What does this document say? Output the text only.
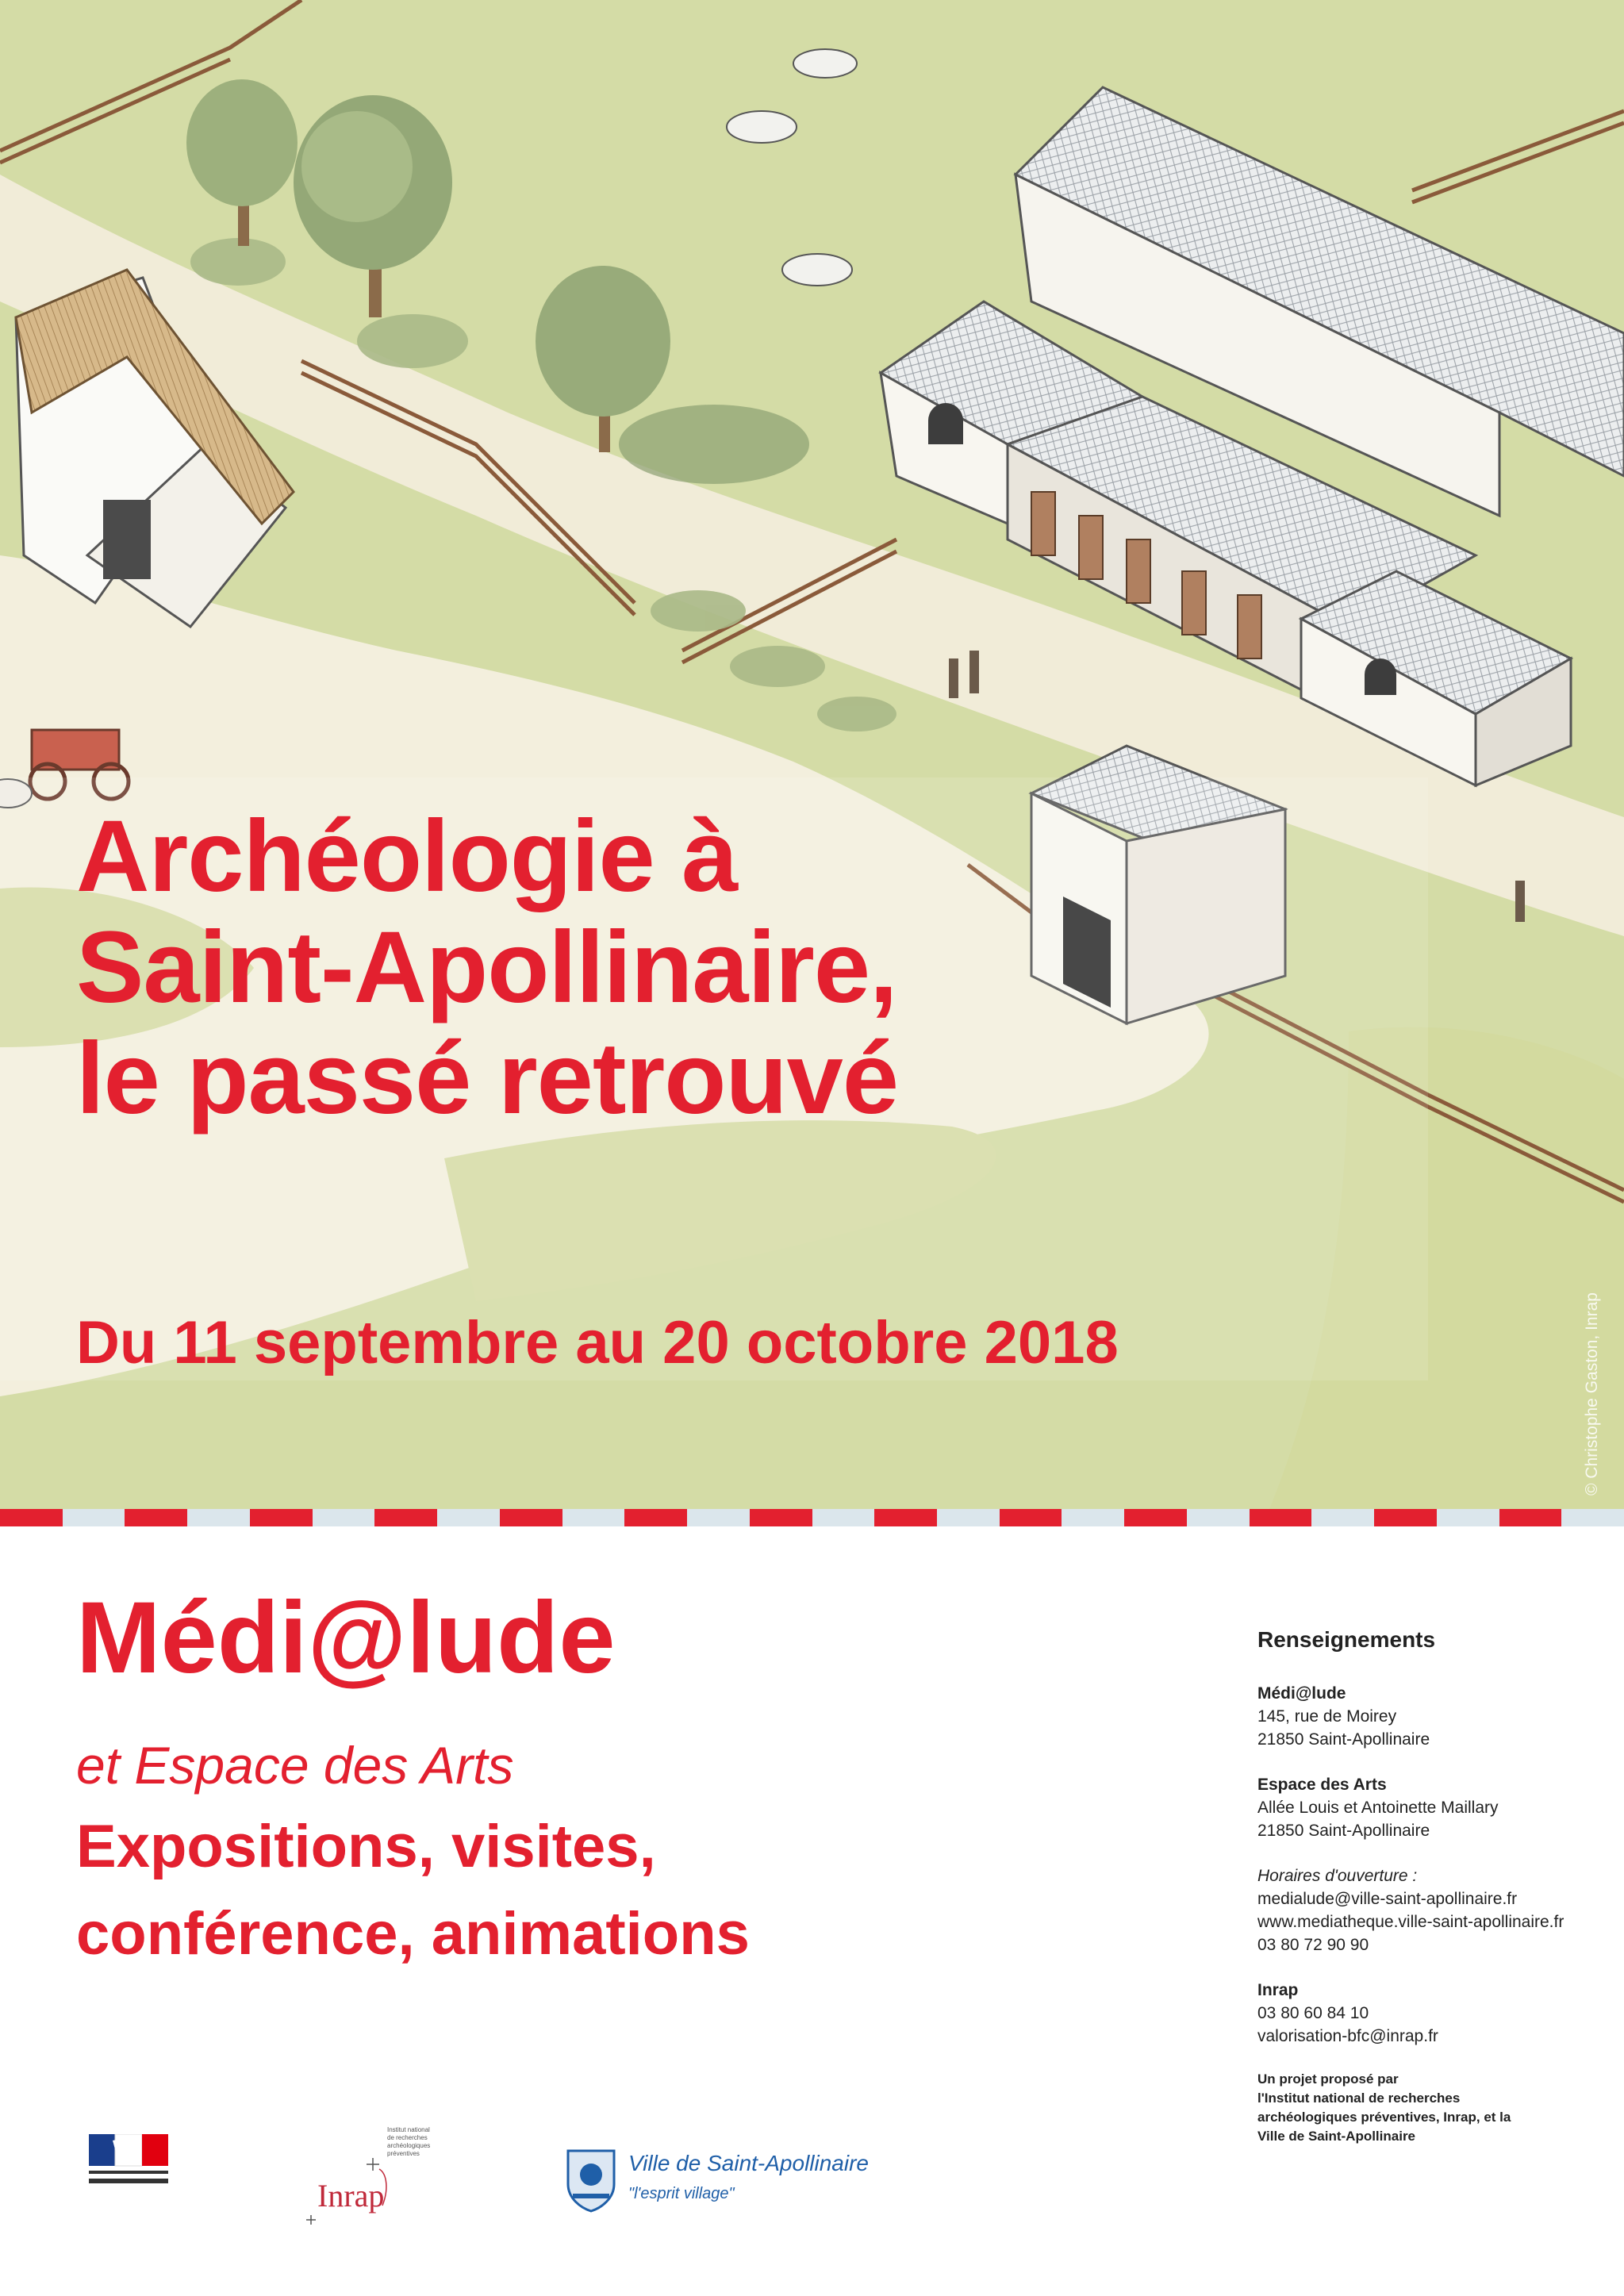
Archéologie à
Saint-Apollinaire,
le passé retrouvé
Du 11 septembre au 20 octobre 2018	© Christophe Gaston, Inrap
Médi@lude
et Espace des Arts
Expositions, visites,
conférence, animations
Renseignements
Médi@lude
145, rue de Moirey
21850 Saint-Apollinaire
Espace des Arts
Allée Louis et Antoinette Maillary
21850 Saint-Apollinaire
Horaires d'ouverture :
medialude@ville-saint-apollinaire.fr
www.mediatheque.ville-saint-apollinaire.fr
03 80 72 90 90
Inrap
03 80 60 84 10
valorisation-bfc@inrap.fr
Un projet proposé par
l'Institut national de recherches
archéologiques préventives, Inrap, et la
Ville de Saint-Apollinaire
Institut national
de recherches
archéologiques
préventives
Inrap
Ville de Saint-Apollinaire
"l'esprit village"
